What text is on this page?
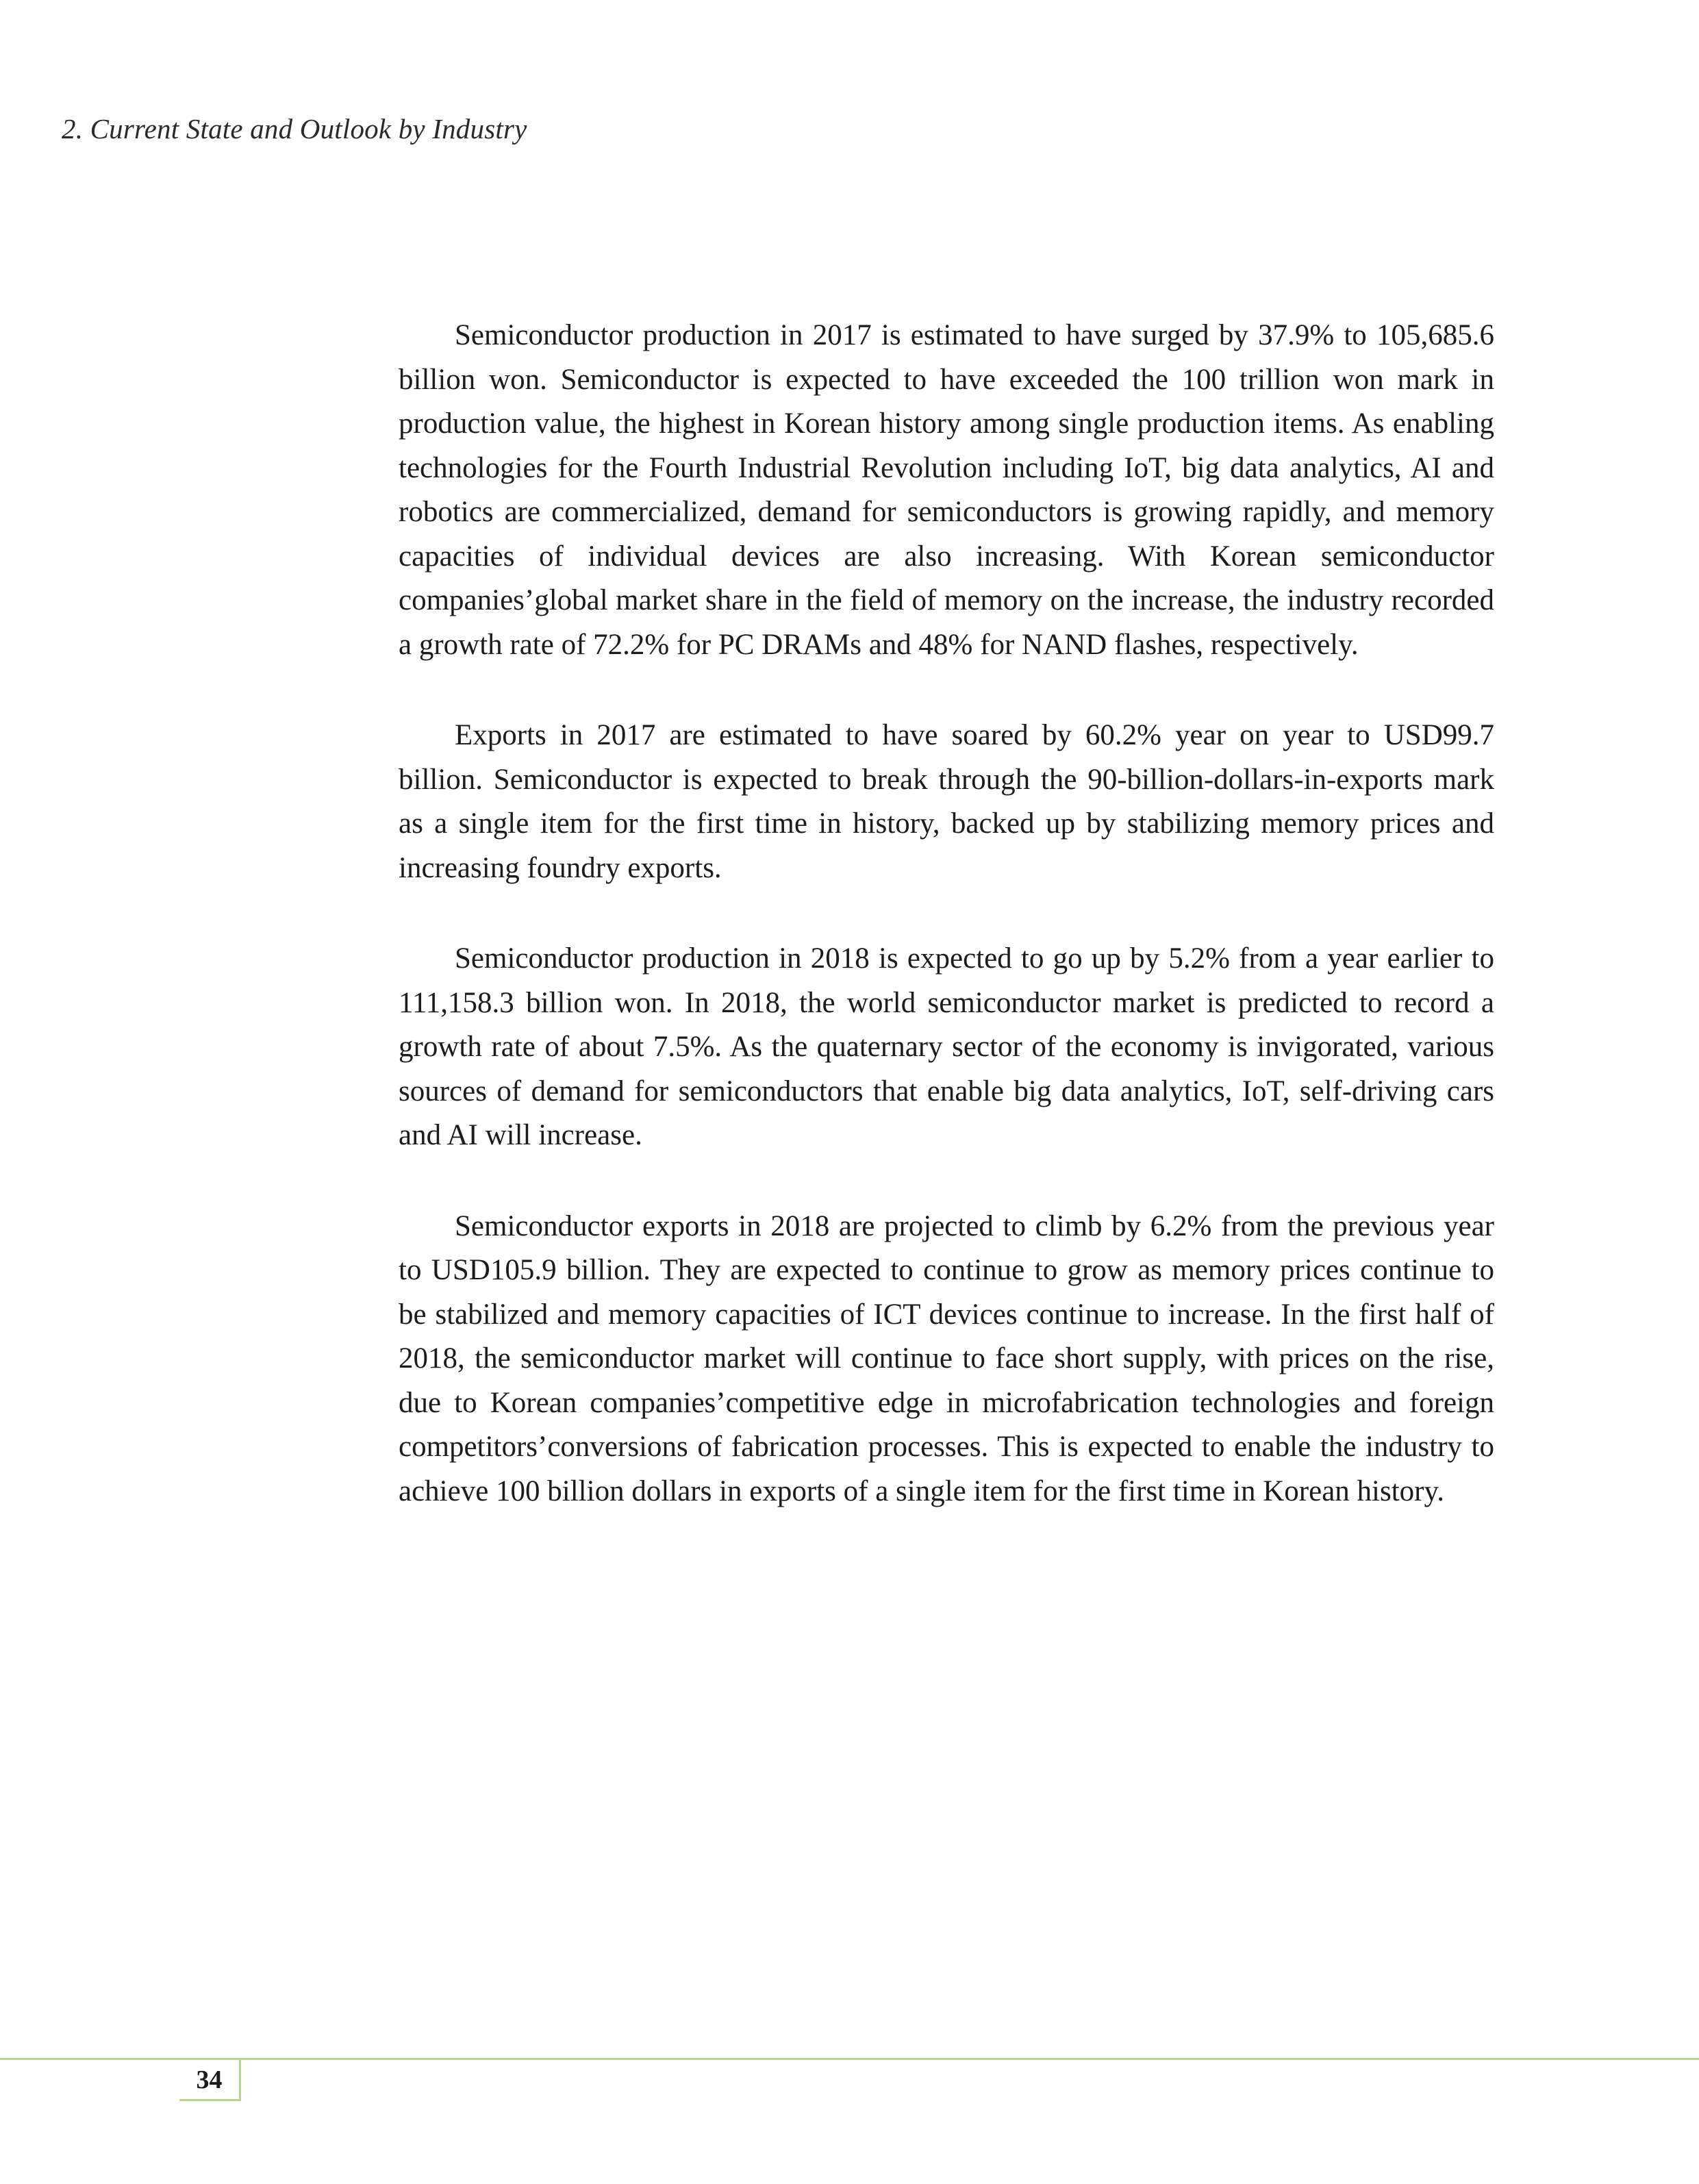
2. Current State and Outlook by Industry

Semiconductor production in 2017 is estimated to have surged by 37.9% to 105,685.6 billion won. Semiconductor is expected to have exceeded the 100 trillion won mark in production value, the highest in Korean history among single production items. As enabling technologies for the Fourth Industrial Revolution including IoT, big data analytics, AI and robotics are commercialized, demand for semiconductors is growing rapidly, and memory capacities of individual devices are also increasing. With Korean semiconductor companies’global market share in the field of memory on the increase, the industry recorded a growth rate of 72.2% for PC DRAMs and 48% for NAND flashes, respectively.

Exports in 2017 are estimated to have soared by 60.2% year on year to USD99.7 billion. Semiconductor is expected to break through the 90-billion-dollars-in-exports mark as a single item for the first time in history, backed up by stabilizing memory prices and increasing foundry exports.

Semiconductor production in 2018 is expected to go up by 5.2% from a year earlier to 111,158.3 billion won. In 2018, the world semiconductor market is predicted to record a growth rate of about 7.5%. As the quaternary sector of the economy is invigorated, various sources of demand for semiconductors that enable big data analytics, IoT, self-driving cars and AI will increase.

Semiconductor exports in 2018 are projected to climb by 6.2% from the previous year to USD105.9 billion. They are expected to continue to grow as memory prices continue to be stabilized and memory capacities of ICT devices continue to increase. In the first half of 2018, the semiconductor market will continue to face short supply, with prices on the rise, due to Korean companies’competitive edge in microfabrication technologies and foreign competitors’conversions of fabrication processes. This is expected to enable the industry to achieve 100 billion dollars in exports of a single item for the first time in Korean history.

34
